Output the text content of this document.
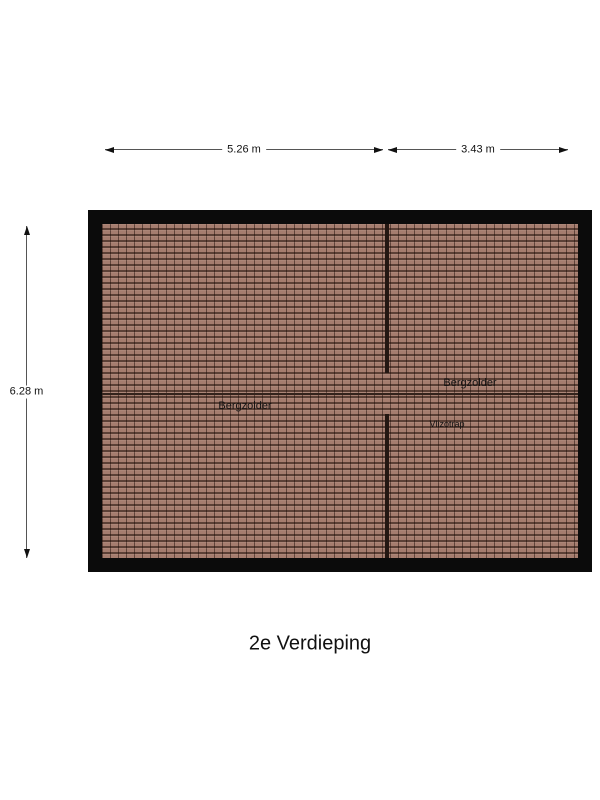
5.26 m	3.43 m
6.28 m
Bergzolder
Bergzolder
Vlizotrap
2e Verdieping
